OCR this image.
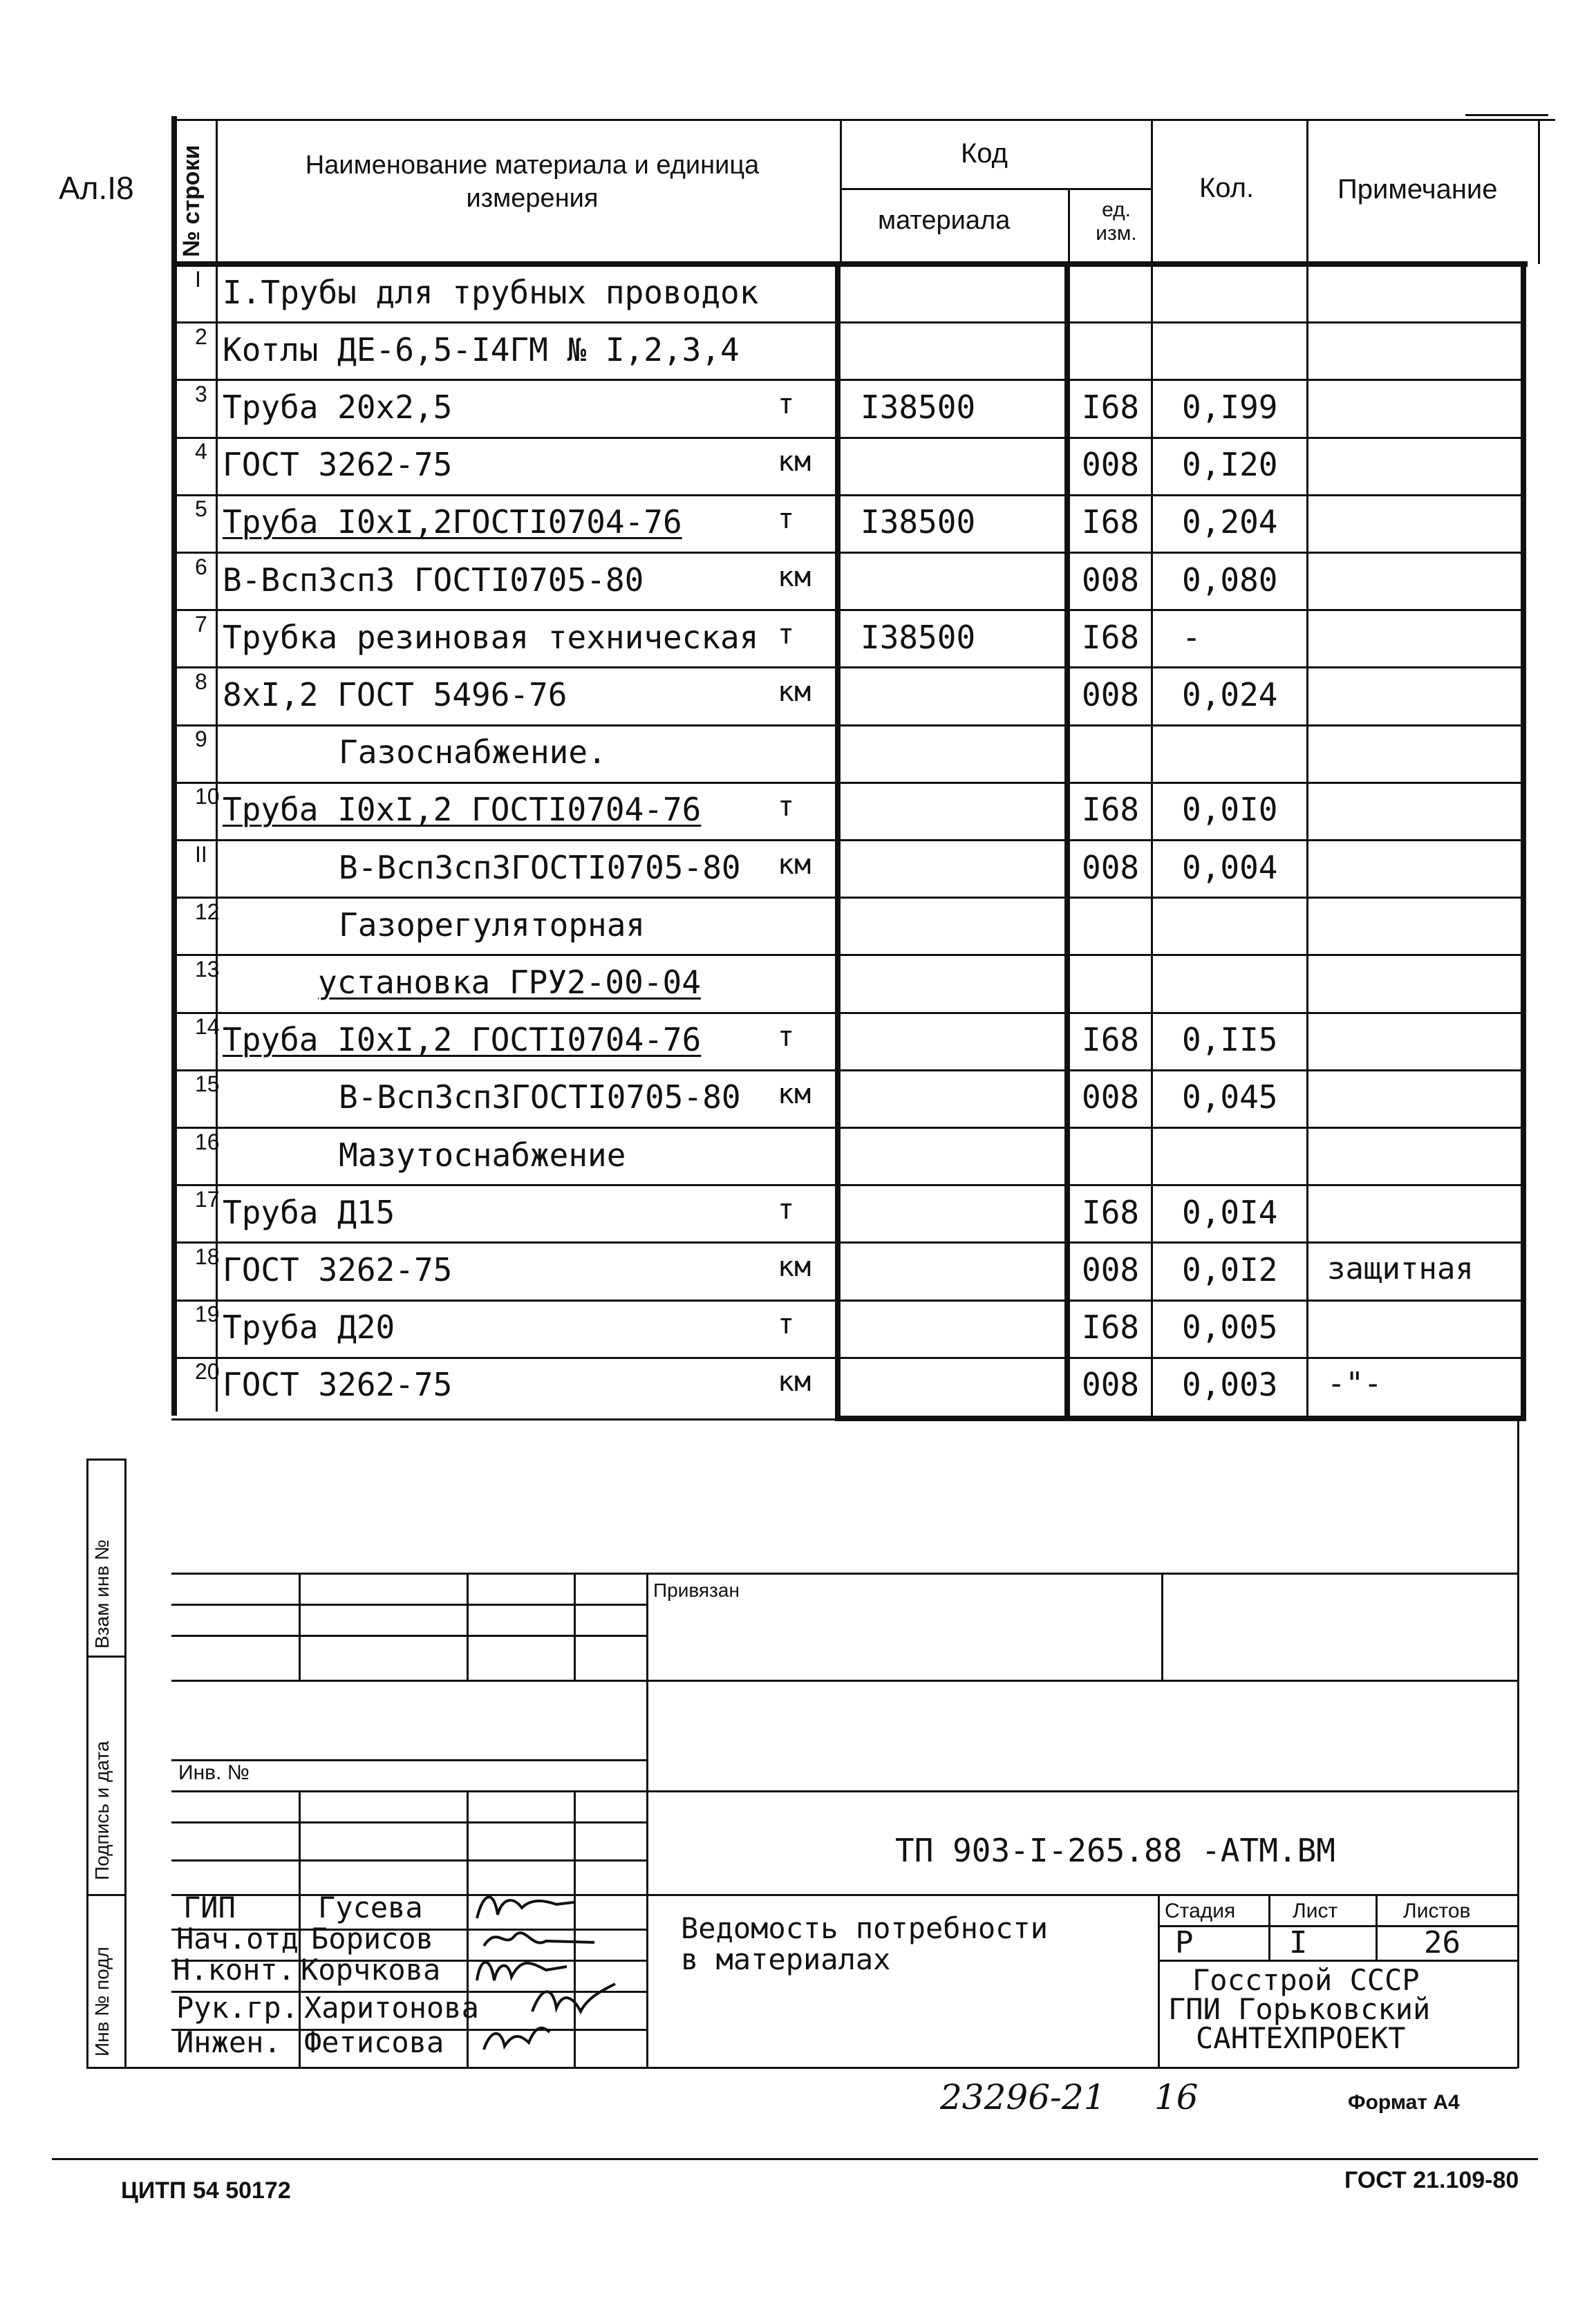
Ал.I8 № строки	Наименование материала и единица измерения
Код
материала	ед. изм.
Кол.	Примечание
I I.Трубы для трубных проводок
2 Котлы ДЕ-6,5-I4ГМ № I,2,3,4
3 Труба 20х2,5	т I38500	I68 0,I99
4 ГОСТ 3262-75	км	008 0,I20
5 Труба I0хI,2ГОСТI0704-76	т I38500	I68 0,204
6 В-Всп3сп3 ГОСТI0705-80	км	008 0,080
7 Трубка резиновая техническая т I38500	I68 -
8 8хI,2 ГОСТ 5496-76	км	008 0,024
9	Газоснабжение.
10 Труба I0хI,2 ГОСТI0704-76	т	I68 0,0I0
II	В-Всп3сп3ГОСТI0705-80 км	008 0,004
12	Газорегуляторная
13	установка ГРУ2-00-04
14 Труба I0хI,2 ГОСТI0704-76	т	I68 0,II5
15	В-Всп3сп3ГОСТI0705-80 км	008 0,045
16	Мазутоснабжение
17 Труба Д15	т	I68 0,0I4
18 ГОСТ 3262-75	км	008 0,0I2 защитная
19 Труба Д20	т	I68 0,005
20 ГОСТ 3262-75	км	008 0,003 -"-
Взам инв №
Подпись и дата
Инв № подл
Привязан
Инв. №
ТП 903-I-265.88 -АТМ.ВМ
Ведомость потребности
в материалах
Стадия	Лист	Листов
Р	I	26
Госстрой СССР
ГПИ Горьковский
САНТЕХПРОЕКТ
ГИП	Гусева
Нач.отд Борисов
Н.конт. Корчкова
Рук.гр. Харитонова
Инжен. Фетисова
23296-21 16	Формат А4
ЦИТП 54 50172	ГОСТ 21.109-80
